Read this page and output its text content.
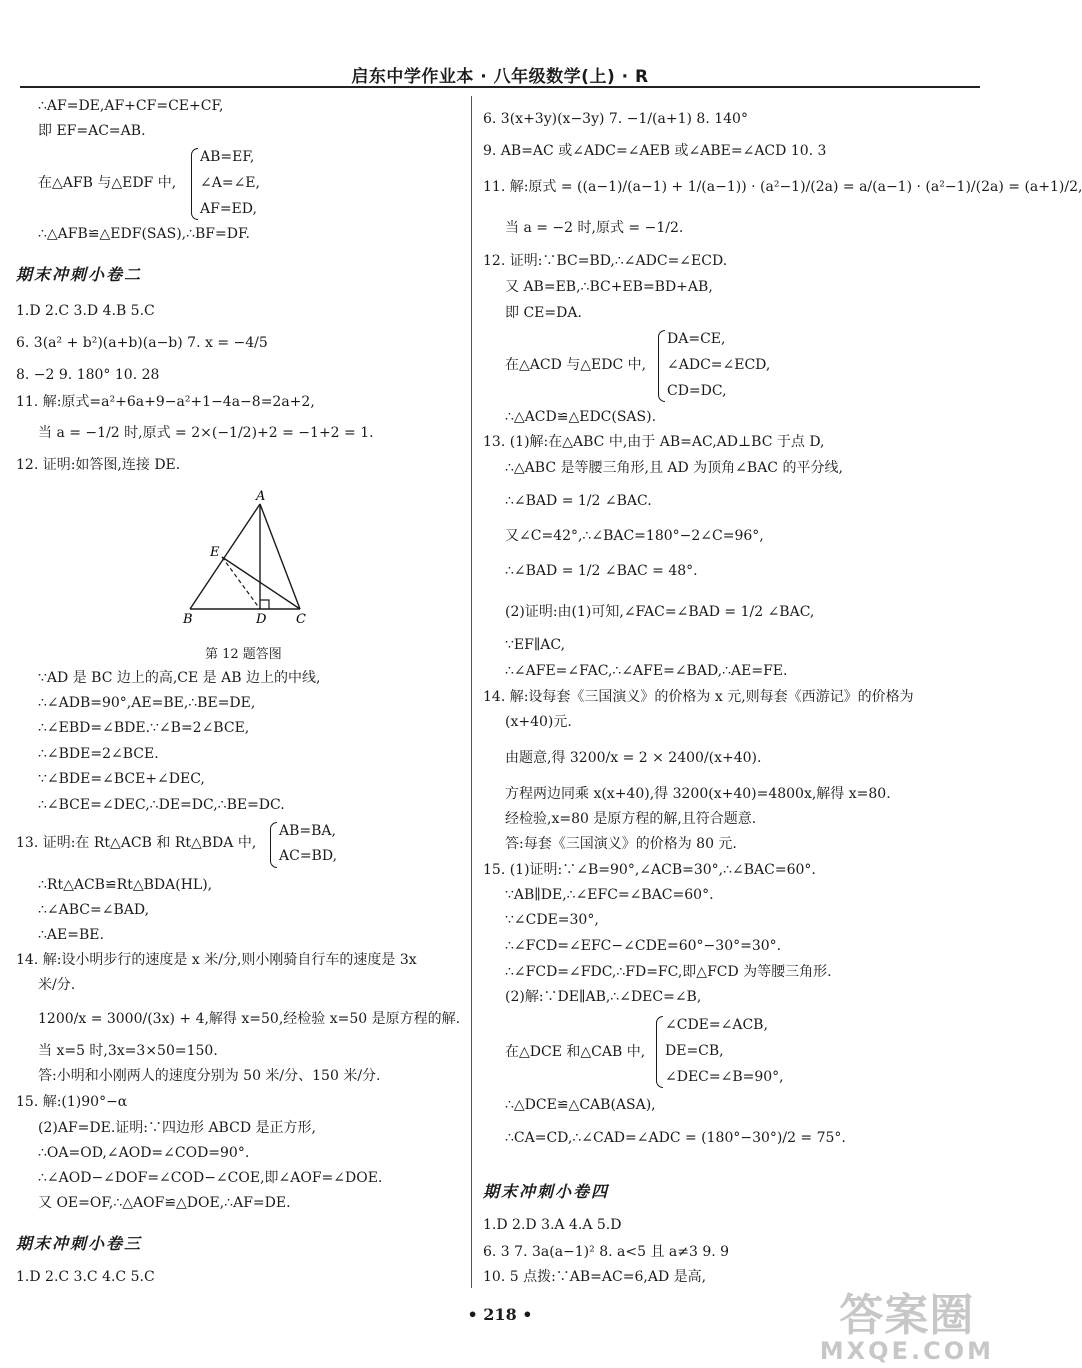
启东中学作业本 · 八年级数学(上) · R
∴AF=DE,AF+CF=CE+CF,
即 EF=AC=AB.
在△AFB 与△EDF 中,
AB=EF,
∠A=∠E,
AF=ED,
∴△AFB≌△EDF(SAS),∴BF=DF.
期末冲刺小卷二
1.D 2.C 3.D 4.B 5.C
6. 3(a² + b²)(a+b)(a−b) 7. x = −4/5
8. −2 9. 180° 10. 28
11. 解:原式=a²+6a+9−a²+1−4a−8=2a+2,
当 a = −1/2 时,原式 = 2×(−1/2)+2 = −1+2 = 1.
12. 证明:如答图,连接 DE.
A
E
B	D C
第 12 题答图
∵AD 是 BC 边上的高,CE 是 AB 边上的中线,
∴∠ADB=90°,AE=BE,∴BE=DE,
∴∠EBD=∠BDE.∵∠B=2∠BCE,
∴∠BDE=2∠BCE.
∵∠BDE=∠BCE+∠DEC,
∴∠BCE=∠DEC,∴DE=DC,∴BE=DC.
13. 证明:在 Rt△ACB 和 Rt△BDA 中,
AB=BA,
AC=BD,
∴Rt△ACB≌Rt△BDA(HL),
∴∠ABC=∠BAD,
∴AE=BE.
14. 解:设小明步行的速度是 x 米/分,则小刚骑自行车的速度是 3x
米/分.
1200/x = 3000/(3x) + 4,解得 x=50,经检验 x=50 是原方程的解.
当 x=5 时,3x=3×50=150.
答:小明和小刚两人的速度分别为 50 米/分、150 米/分.
15. 解:(1)90°−α
(2)AF=DE.证明:∵四边形 ABCD 是正方形,
∴OA=OD,∠AOD=∠COD=90°.
∴∠AOD−∠DOF=∠COD−∠COE,即∠AOF=∠DOE.
又 OE=OF,∴△AOF≌△DOE,∴AF=DE.
期末冲刺小卷三
1.D 2.C 3.C 4.C 5.C
6. 3(x+3y)(x−3y) 7. −1/(a+1) 8. 140°
9. AB=AC 或∠ADC=∠AEB 或∠ABE=∠ACD 10. 3
11. 解:原式 = ((a−1)/(a−1) + 1/(a−1)) · (a²−1)/(2a) = a/(a−1) · (a²−1)/(2a) = (a+1)/2,
当 a = −2 时,原式 = −1/2.
12. 证明:∵BC=BD,∴∠ADC=∠ECD.
又 AB=EB,∴BC+EB=BD+AB,
即 CE=DA.
在△ACD 与△EDC 中,
DA=CE,
∠ADC=∠ECD,
CD=DC,
∴△ACD≌△EDC(SAS).
13. (1)解:在△ABC 中,由于 AB=AC,AD⊥BC 于点 D,
∴△ABC 是等腰三角形,且 AD 为顶角∠BAC 的平分线,
∴∠BAD = 1/2 ∠BAC.
又∠C=42°,∴∠BAC=180°−2∠C=96°,
∴∠BAD = 1/2 ∠BAC = 48°.
(2)证明:由(1)可知,∠FAC=∠BAD = 1/2 ∠BAC,
∵EF∥AC,
∴∠AFE=∠FAC,∴∠AFE=∠BAD,∴AE=FE.
14. 解:设每套《三国演义》的价格为 x 元,则每套《西游记》的价格为
(x+40)元.
由题意,得 3200/x = 2 × 2400/(x+40).
方程两边同乘 x(x+40),得 3200(x+40)=4800x,解得 x=80.
经检验,x=80 是原方程的解,且符合题意.
答:每套《三国演义》的价格为 80 元.
15. (1)证明:∵∠B=90°,∠ACB=30°,∴∠BAC=60°.
∵AB∥DE,∴∠EFC=∠BAC=60°.
∵∠CDE=30°,
∴∠FCD=∠EFC−∠CDE=60°−30°=30°.
∴∠FCD=∠FDC,∴FD=FC,即△FCD 为等腰三角形.
(2)解:∵DE∥AB,∴∠DEC=∠B,
在△DCE 和△CAB 中,
∠CDE=∠ACB,
DE=CB,
∠DEC=∠B=90°,
∴△DCE≌△CAB(ASA),
∴CA=CD,∴∠CAD=∠ADC = (180°−30°)/2 = 75°.
期末冲刺小卷四
1.D 2.D 3.A 4.A 5.D
6. 3 7. 3a(a−1)² 8. a<5 且 a≠3 9. 9
10. 5 点拨:∵AB=AC=6,AD 是高,
• 218 •	答案圈
MXQE.COM
